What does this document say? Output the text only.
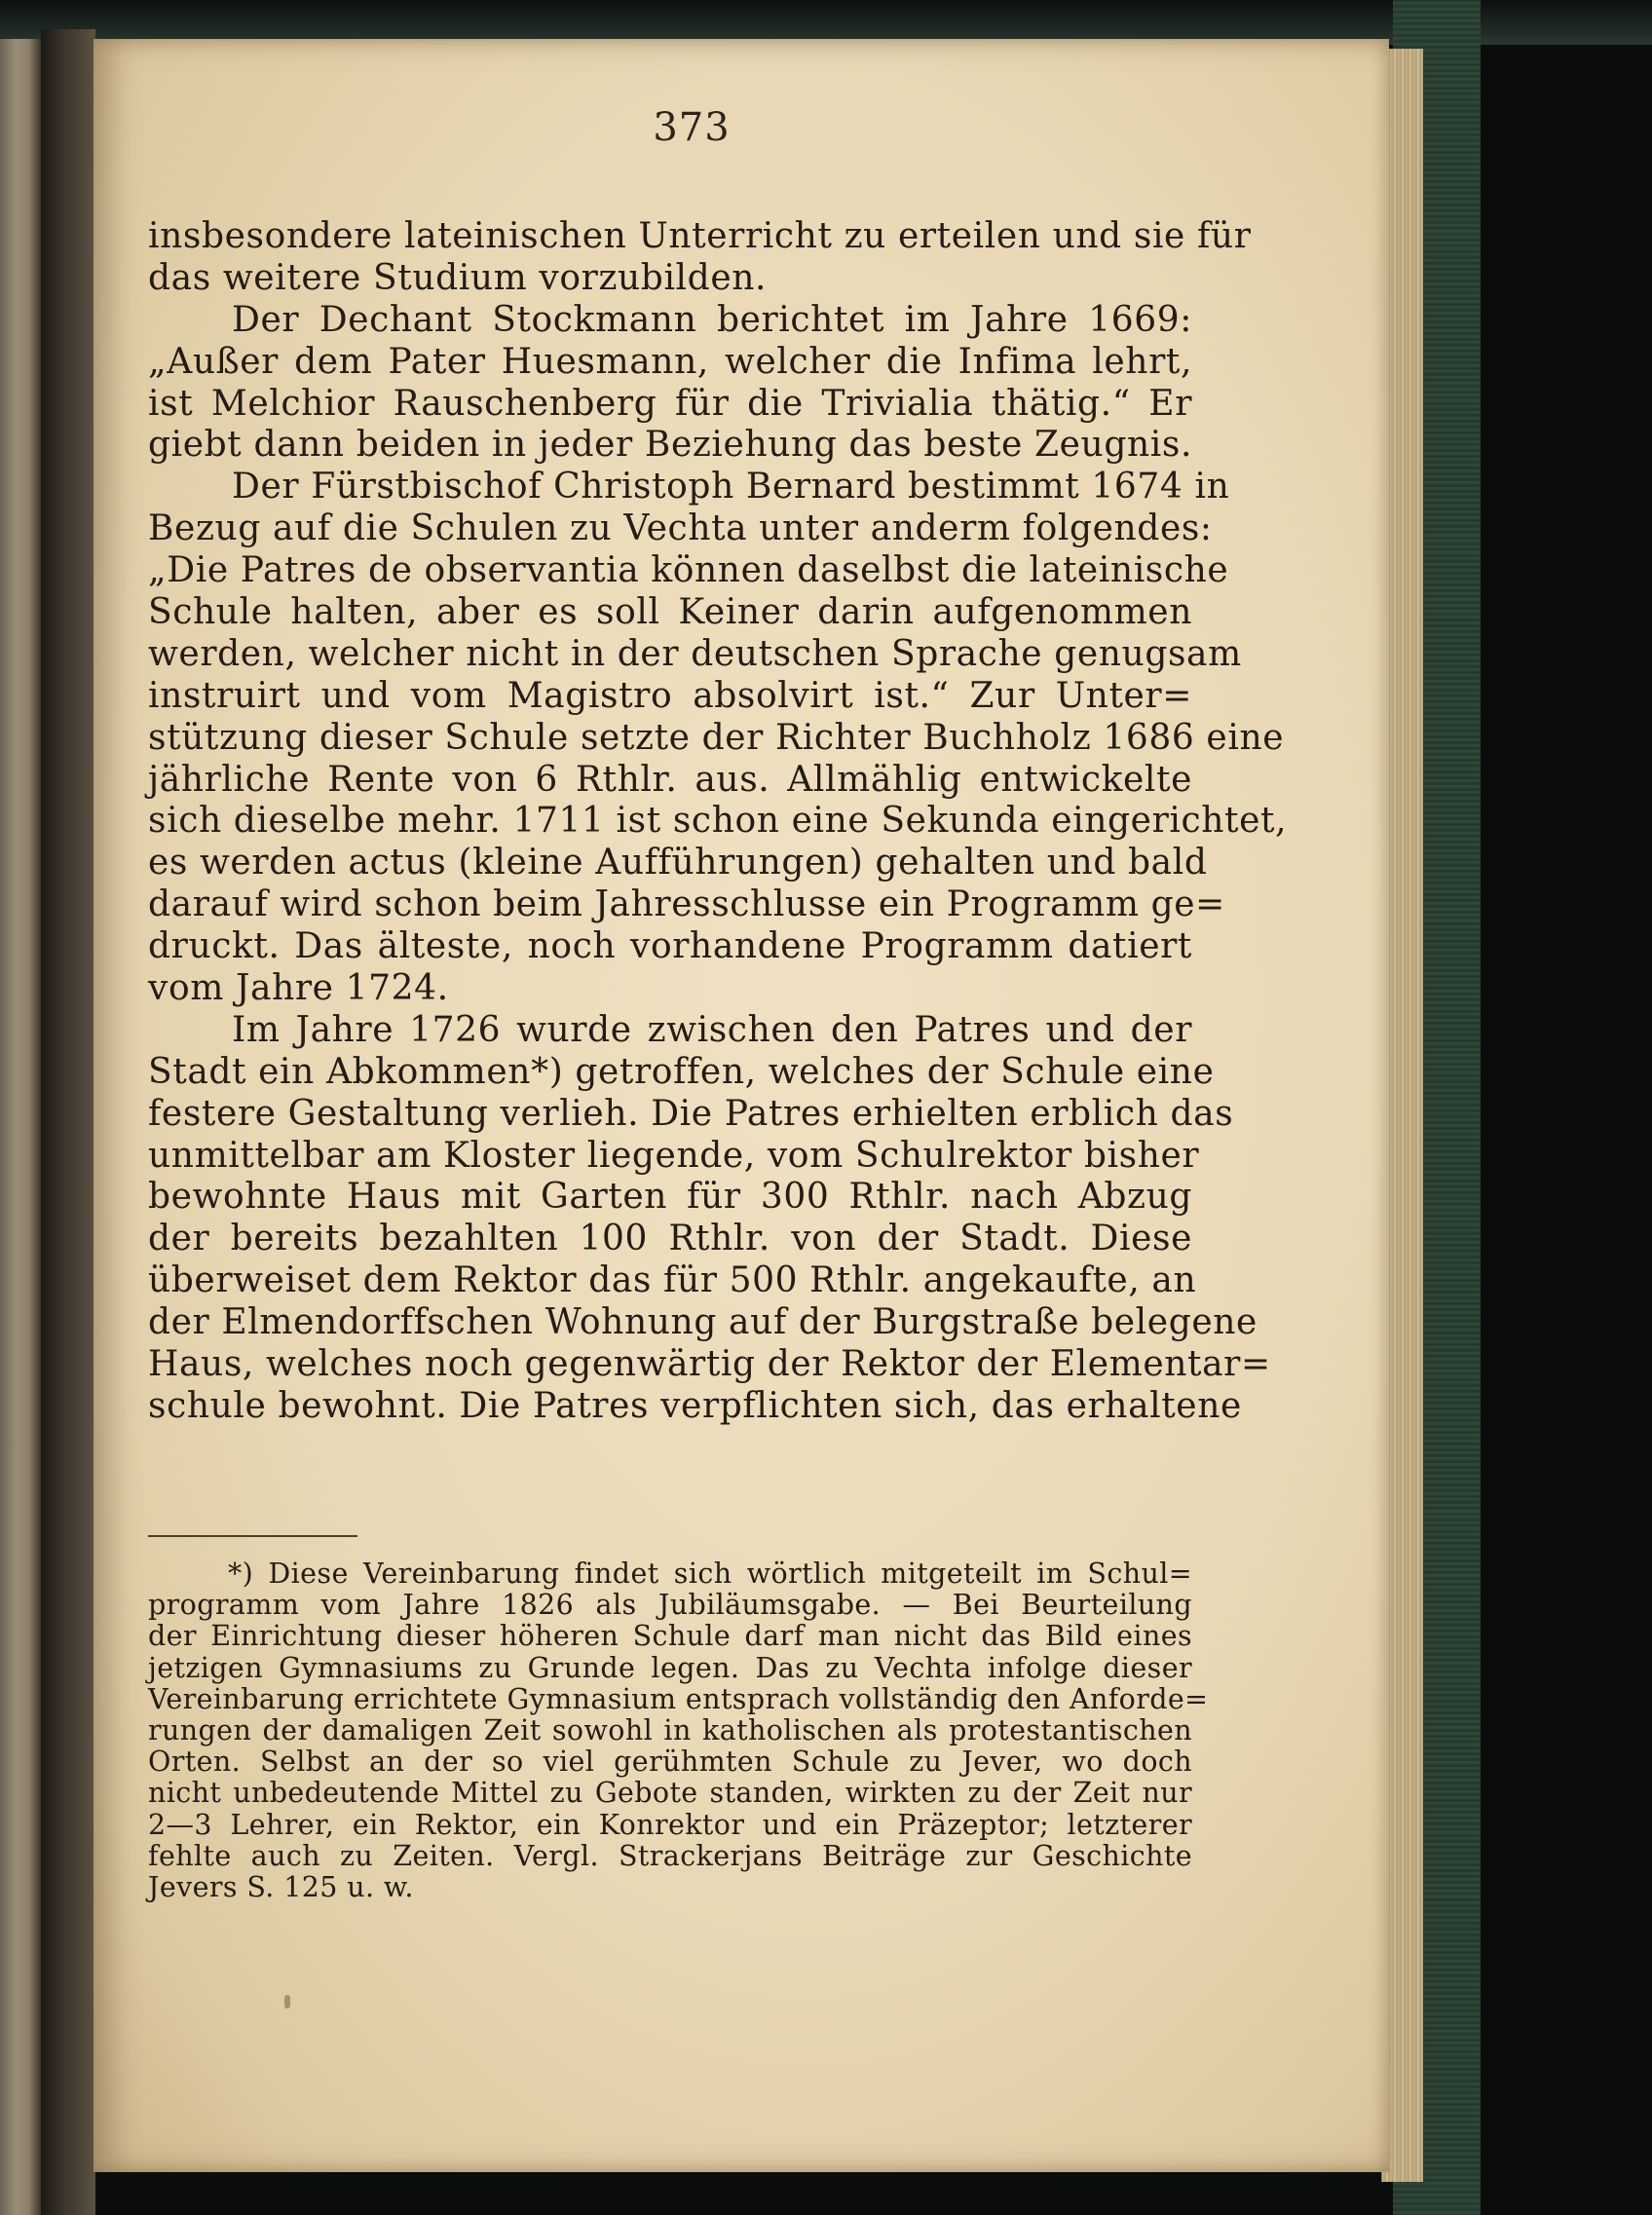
373
insbesondere lateinischen Unterricht zu erteilen und sie für
das weitere Studium vorzubilden.
Der Dechant Stockmann berichtet im Jahre 1669:
„Außer dem Pater Huesmann, welcher die Infima lehrt,
ist Melchior Rauschenberg für die Trivialia thätig.“ Er
giebt dann beiden in jeder Beziehung das beste Zeugnis.
Der Fürstbischof Christoph Bernard bestimmt 1674 in
Bezug auf die Schulen zu Vechta unter anderm folgendes:
„Die Patres de observantia können daselbst die lateinische
Schule halten, aber es soll Keiner darin aufgenommen
werden, welcher nicht in der deutschen Sprache genugsam
instruirt und vom Magistro absolvirt ist.“ Zur Unter=
stützung dieser Schule setzte der Richter Buchholz 1686 eine
jährliche Rente von 6 Rthlr. aus. Allmählig entwickelte
sich dieselbe mehr. 1711 ist schon eine Sekunda eingerichtet,
es werden actus (kleine Aufführungen) gehalten und bald
darauf wird schon beim Jahresschlusse ein Programm ge=
druckt. Das älteste, noch vorhandene Programm datiert
vom Jahre 1724.
Im Jahre 1726 wurde zwischen den Patres und der
Stadt ein Abkommen*) getroffen, welches der Schule eine
festere Gestaltung verlieh. Die Patres erhielten erblich das
unmittelbar am Kloster liegende, vom Schulrektor bisher
bewohnte Haus mit Garten für 300 Rthlr. nach Abzug
der bereits bezahlten 100 Rthlr. von der Stadt. Diese
überweiset dem Rektor das für 500 Rthlr. angekaufte, an
der Elmendorffschen Wohnung auf der Burgstraße belegene
Haus, welches noch gegenwärtig der Rektor der Elementar=
schule bewohnt. Die Patres verpflichten sich, das erhaltene
*) Diese Vereinbarung findet sich wörtlich mitgeteilt im Schul=
programm vom Jahre 1826 als Jubiläumsgabe. — Bei Beurteilung
der Einrichtung dieser höheren Schule darf man nicht das Bild eines
jetzigen Gymnasiums zu Grunde legen. Das zu Vechta infolge dieser
Vereinbarung errichtete Gymnasium entsprach vollständig den Anforde=
rungen der damaligen Zeit sowohl in katholischen als protestantischen
Orten. Selbst an der so viel gerühmten Schule zu Jever, wo doch
nicht unbedeutende Mittel zu Gebote standen, wirkten zu der Zeit nur
2—3 Lehrer, ein Rektor, ein Konrektor und ein Präzeptor; letzterer
fehlte auch zu Zeiten. Vergl. Strackerjans Beiträge zur Geschichte
Jevers S. 125 u. w.
